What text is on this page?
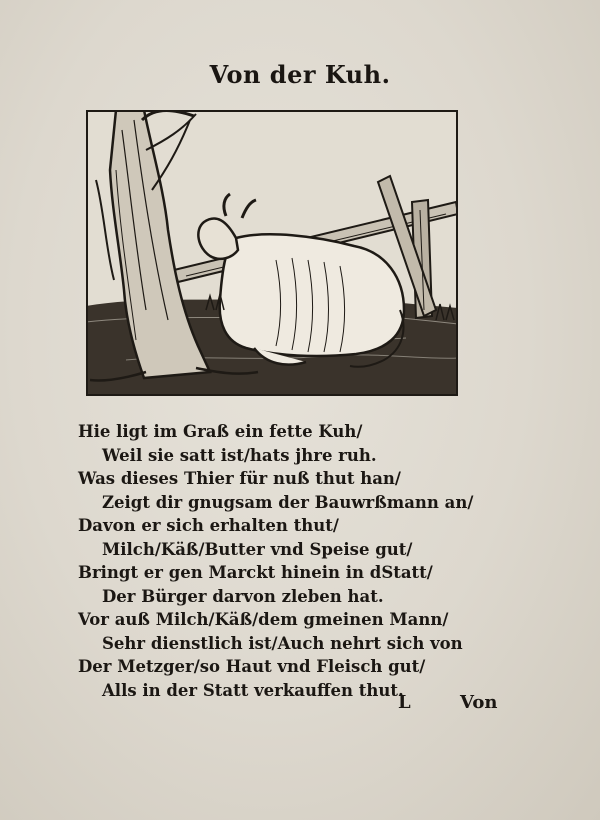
Von der Kuh.
Hie ligt im Graß ein fette Kuh/
Weil sie satt ist/hats jhre ruh.
Was dieses Thier für nuß thut han/
Zeigt dir gnugsam der Bauwrßmann an/
Davon er sich erhalten thut/
Milch/Käß/Butter vnd Speise gut/
Bringt er gen Marckt hinein in dStatt/
Der Bürger darvon zleben hat.
Vor auß Milch/Käß/dem gmeinen Mann/
Sehr dienstlich ist/Auch nehrt sich von
Der Metzger/so Haut vnd Fleisch gut/
Alls in der Statt verkauffen thut.
L	Von
